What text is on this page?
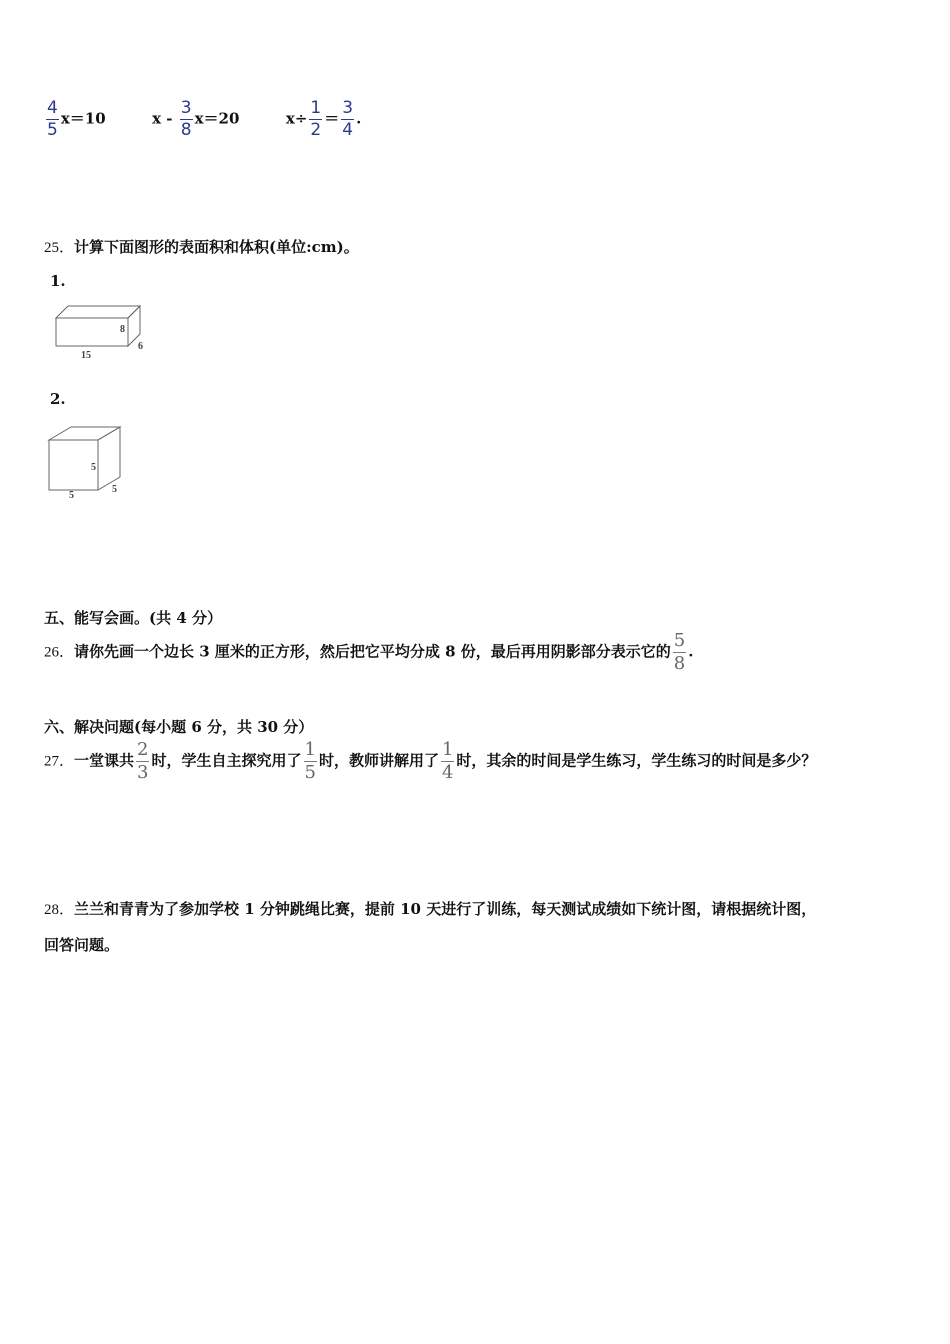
$\frac{4}{5} x=10$	$x - \frac{3}{8} x=20$	$x\div \frac{1}{2} = \frac{3}{4}$ .
25．计算下面图形的表面积和体积(单位:cm)。
1.
8
15
6
2.
5
5
5
五、能写会画。(共 4 分）
26．请你先画一个边长 3 厘米的正方形，然后把它平均分成 8 份，最后再用阴影部分表示它的 $\frac{5}{8}$ .
六、解决问题(每小题 6 分，共 30 分）
27．一堂课共 $\frac{2}{3}$ 时，学生自主探究用了 $\frac{1}{5}$ 时，教师讲解用了 $\frac{1}{4}$ 时，其余的时间是学生练习，学生练习的时间是多少？
28．兰兰和青青为了参加学校 1 分钟跳绳比赛，提前 10 天进行了训练，每天测试成绩如下统计图，请根据统计图，
回答问题。
